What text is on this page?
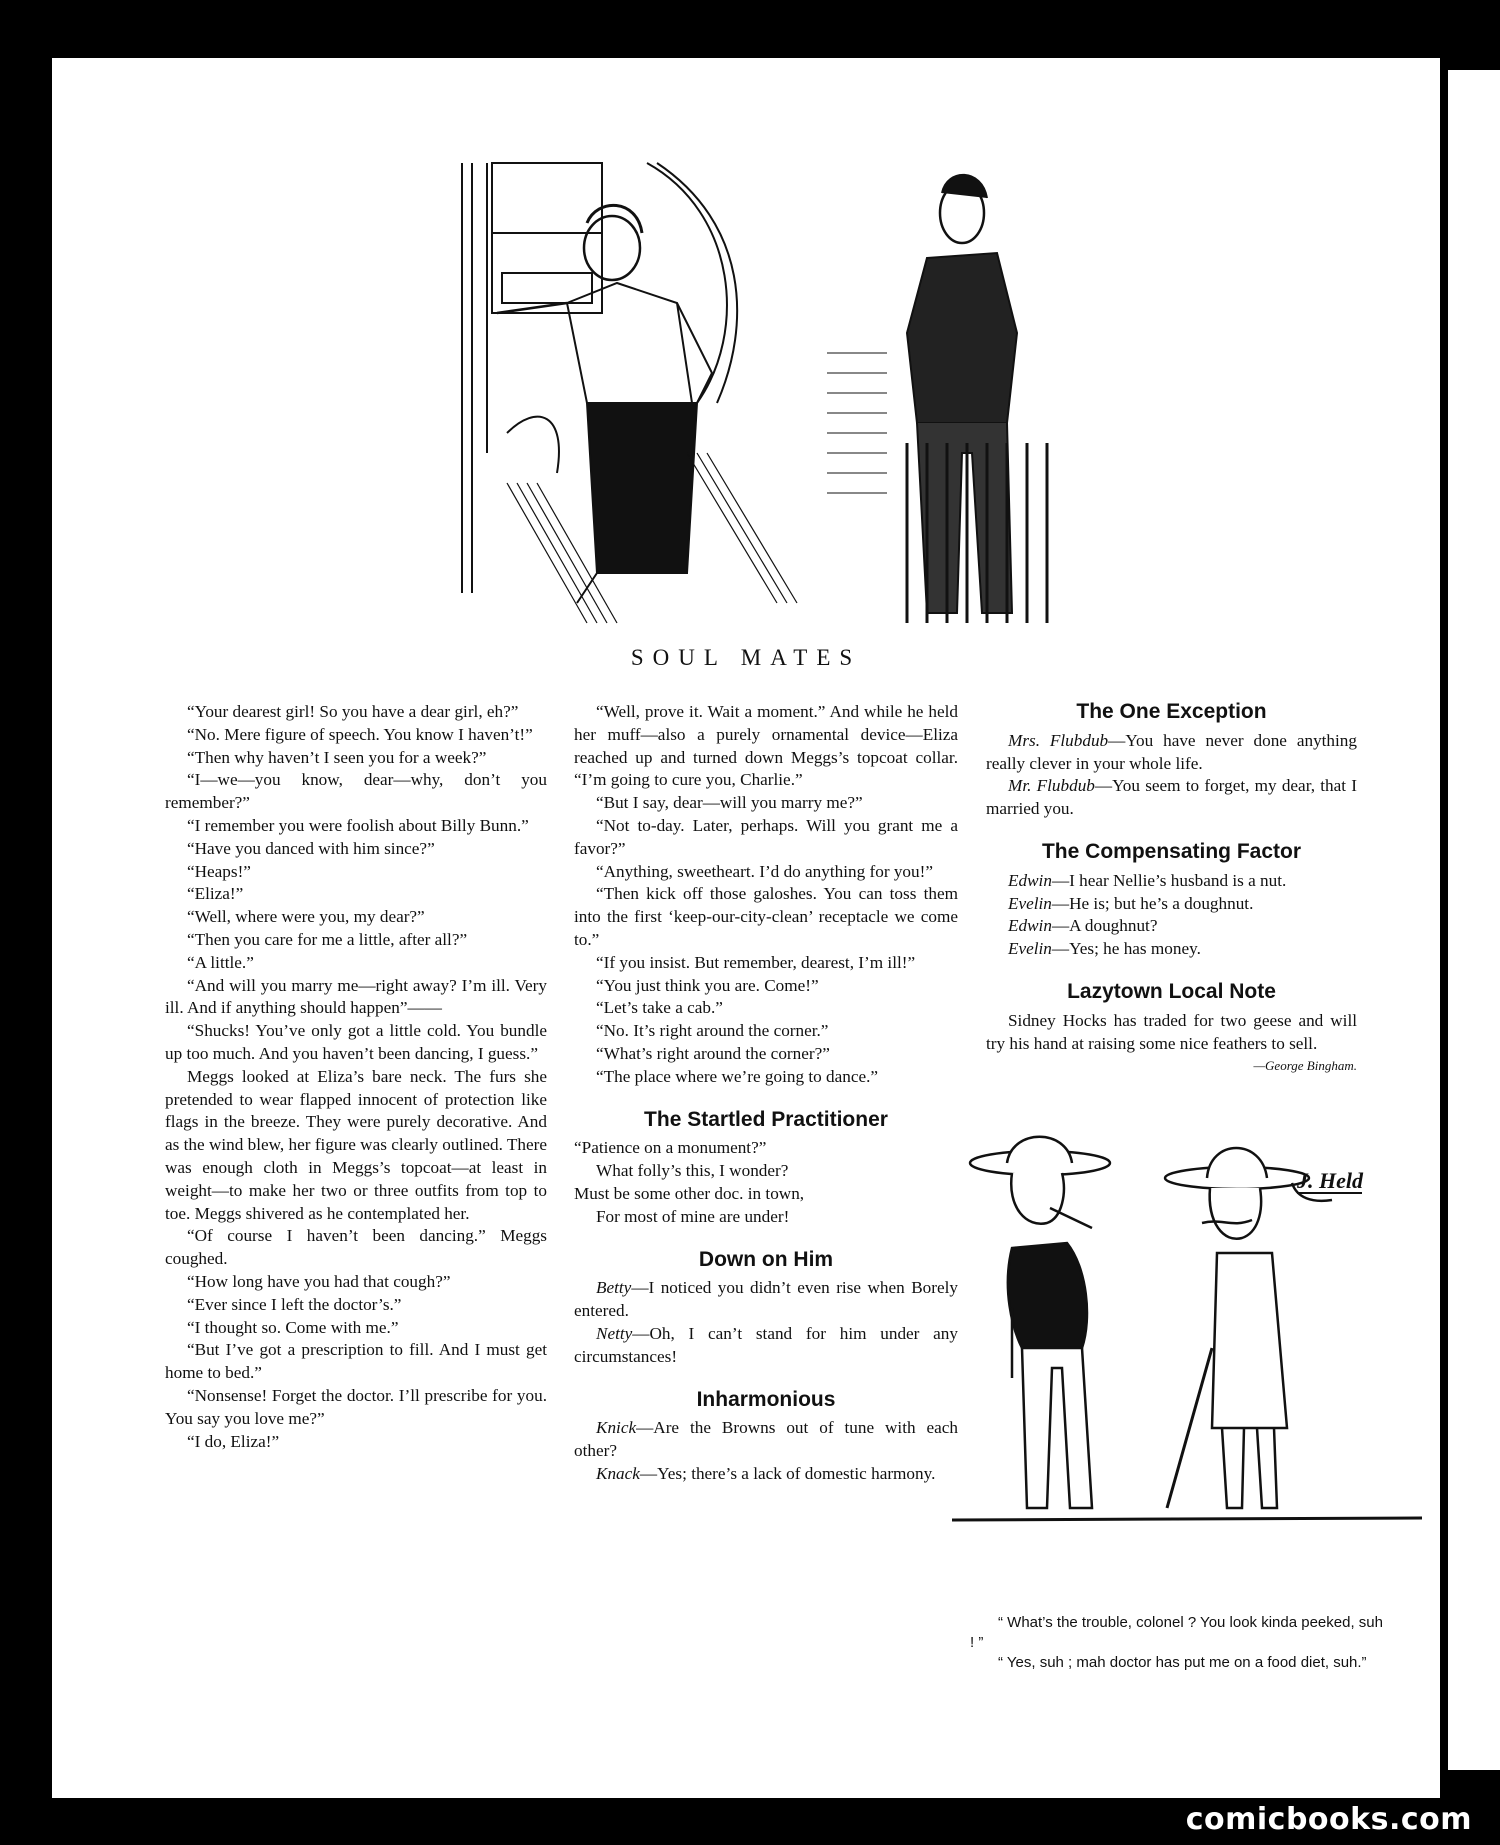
SOUL MATES

“Your dearest girl! So you have a dear girl, eh?”

“No. Mere figure of speech. You know I haven’t!”

“Then why haven’t I seen you for a week?”

“I—we—you know, dear—why, don’t you remember?”

“I remember you were foolish about Billy Bunn.”

“Have you danced with him since?”

“Heaps!”

“Eliza!”

“Well, where were you, my dear?”

“Then you care for me a little, after all?”

“A little.”

“And will you marry me—right away? I’m ill. Very ill. And if anything should happen”——

“Shucks! You’ve only got a little cold. You bundle up too much. And you haven’t been dancing, I guess.”

Meggs looked at Eliza’s bare neck. The furs she pretended to wear flapped innocent of protection like flags in the breeze. They were purely decorative. And as the wind blew, her figure was clearly outlined. There was enough cloth in Meggs’s topcoat—at least in weight—to make her two or three outfits from top to toe. Meggs shivered as he contemplated her.

“Of course I haven’t been dancing.” Meggs coughed.

“How long have you had that cough?”

“Ever since I left the doctor’s.”

“I thought so. Come with me.”

“But I’ve got a prescription to fill. And I must get home to bed.”

“Nonsense! Forget the doctor. I’ll prescribe for you. You say you love me?”

“I do, Eliza!”

“Well, prove it. Wait a moment.” And while he held her muff—also a purely ornamental device—Eliza reached up and turned down Meggs’s topcoat collar. “I’m going to cure you, Charlie.”

“But I say, dear—will you marry me?”

“Not to-day. Later, perhaps. Will you grant me a favor?”

“Anything, sweetheart. I’d do anything for you!”

“Then kick off those galoshes. You can toss them into the first ‘keep-our-city-clean’ receptacle we come to.”

“If you insist. But remember, dearest, I’m ill!”

“You just think you are. Come!”

“Let’s take a cab.”

“No. It’s right around the corner.”

“What’s right around the corner?”

“The place where we’re going to dance.”

The Startled Practitioner

“Patience on a monument?”

What folly’s this, I wonder?

Must be some other doc. in town,

For most of mine are under!

Down on Him

Betty—I noticed you didn’t even rise when Borely entered.

Netty—Oh, I can’t stand for him under any circumstances!

Inharmonious

Knick—Are the Browns out of tune with each other?

Knack—Yes; there’s a lack of domestic harmony.

The One Exception

Mrs. Flubdub—You have never done anything really clever in your whole life.

Mr. Flubdub—You seem to forget, my dear, that I married you.

The Compensating Factor

Edwin—I hear Nellie’s husband is a nut.

Evelin—He is; but he’s a doughnut.

Edwin—A doughnut?

Evelin—Yes; he has money.

Lazytown Local Note

Sidney Hocks has traded for two geese and will try his hand at raising some nice feathers to sell.

—George Bingham.
J. Held

“ What’s the trouble, colonel ? You look kinda peeked, suh ! ”

“ Yes, suh ; mah doctor has put me on a food diet, suh.”

comicbooks.com
